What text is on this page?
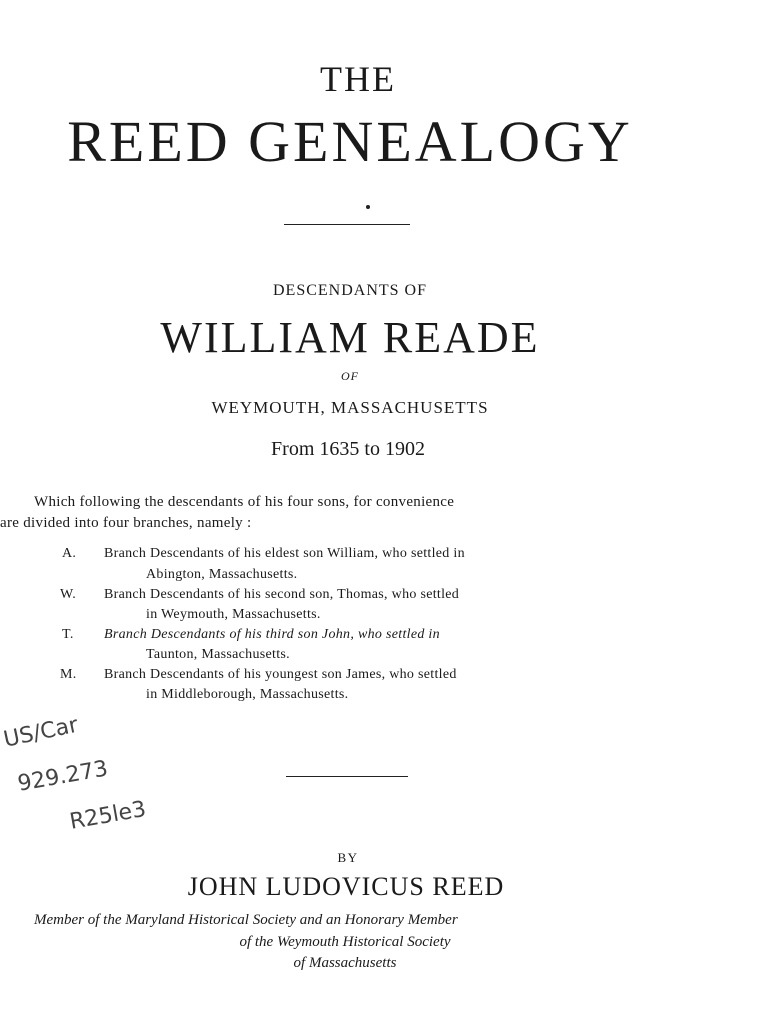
THE
REED GENEALOGY
DESCENDANTS OF
WILLIAM READE
OF
WEYMOUTH, MASSACHUSETTS
From 1635 to 1902
Which following the descendants of his four sons, for convenience
are divided into four branches, namely :
A. Branch Descendants of his eldest son William, who settled in
Abington, Massachusetts.
W. Branch Descendants of his second son, Thomas, who settled
in Weymouth, Massachusetts.
T. Branch Descendants of his third son John, who settled in
Taunton, Massachusetts.
M. Branch Descendants of his youngest son James, who settled
in Middleborough, Massachusetts.
US/Car
929.273
R25le3
BY
JOHN LUDOVICUS REED
Member of the Maryland Historical Society and an Honorary Member
of the Weymouth Historical Society
of Massachusetts
